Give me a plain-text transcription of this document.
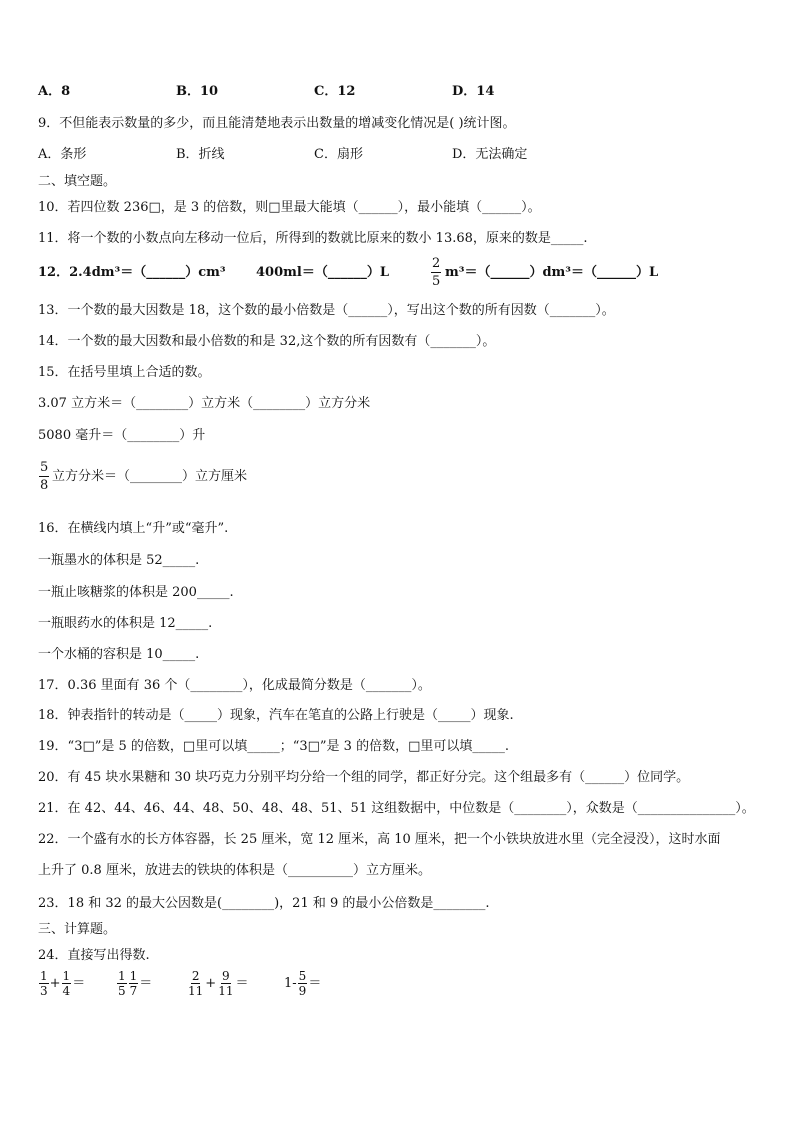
A．8	B．10	C．12	D．14
9．不但能表示数量的多少，而且能清楚地表示出数量的增减变化情况是( )统计图。
A．条形	B．折线	C．扇形	D．无法确定
二、填空题。
10．若四位数 236□，是 3 的倍数，则□里最大能填（______），最小能填（______）。
11．将一个数的小数点向左移动一位后，所得到的数就比原来的数小 13.68，原来的数是_____.
12．2.4dm³＝（______）cm³ 400ml＝（______）L	$\frac{2}{5}$ m³＝（______）dm³＝（______）L
13．一个数的最大因数是 18，这个数的最小倍数是（______），写出这个数的所有因数（_______）。
14．一个数的最大因数和最小倍数的和是 32,这个数的所有因数有（_______）。
15．在括号里填上合适的数。
3.07 立方米＝（________）立方米（________）立方分米
5080 毫升＝（________）升
$\frac{5}{8}$ 立方分米＝（________）立方厘米
16．在横线内填上“升”或“毫升”.
一瓶墨水的体积是 52_____.
一瓶止咳糖浆的体积是 200_____.
一瓶眼药水的体积是 12_____.
一个水桶的容积是 10_____.
17．0.36 里面有 36 个（________），化成最简分数是（_______）。
18．钟表指针的转动是（_____）现象，汽车在笔直的公路上行驶是（_____）现象.
19．“3□”是 5 的倍数，□里可以填_____；“3□”是 3 的倍数，□里可以填_____.
20．有 45 块水果糖和 30 块巧克力分别平均分给一个组的同学，都正好分完。这个组最多有（______）位同学。
21．在 42、44、46、44、48、50、48、48、51、51 这组数据中，中位数是（________），众数是（_______________）。
22．一个盛有水的长方体容器，长 25 厘米，宽 12 厘米，高 10 厘米，把一个小铁块放进水里（完全浸没），这时水面
上升了 0.8 厘米，放进去的铁块的体积是（__________）立方厘米。
23．18 和 32 的最大公因数是(________)，21 和 9 的最小公倍数是________.
三、计算题。
24．直接写出得数.
$\frac{1}{3} + \frac{1}{4}$ ＝	$\frac{1}{5} \frac{1}{7}$ ＝	$\frac{2}{11} + \frac{9}{11}$ ＝	$1- \frac{5}{9}$ ＝
